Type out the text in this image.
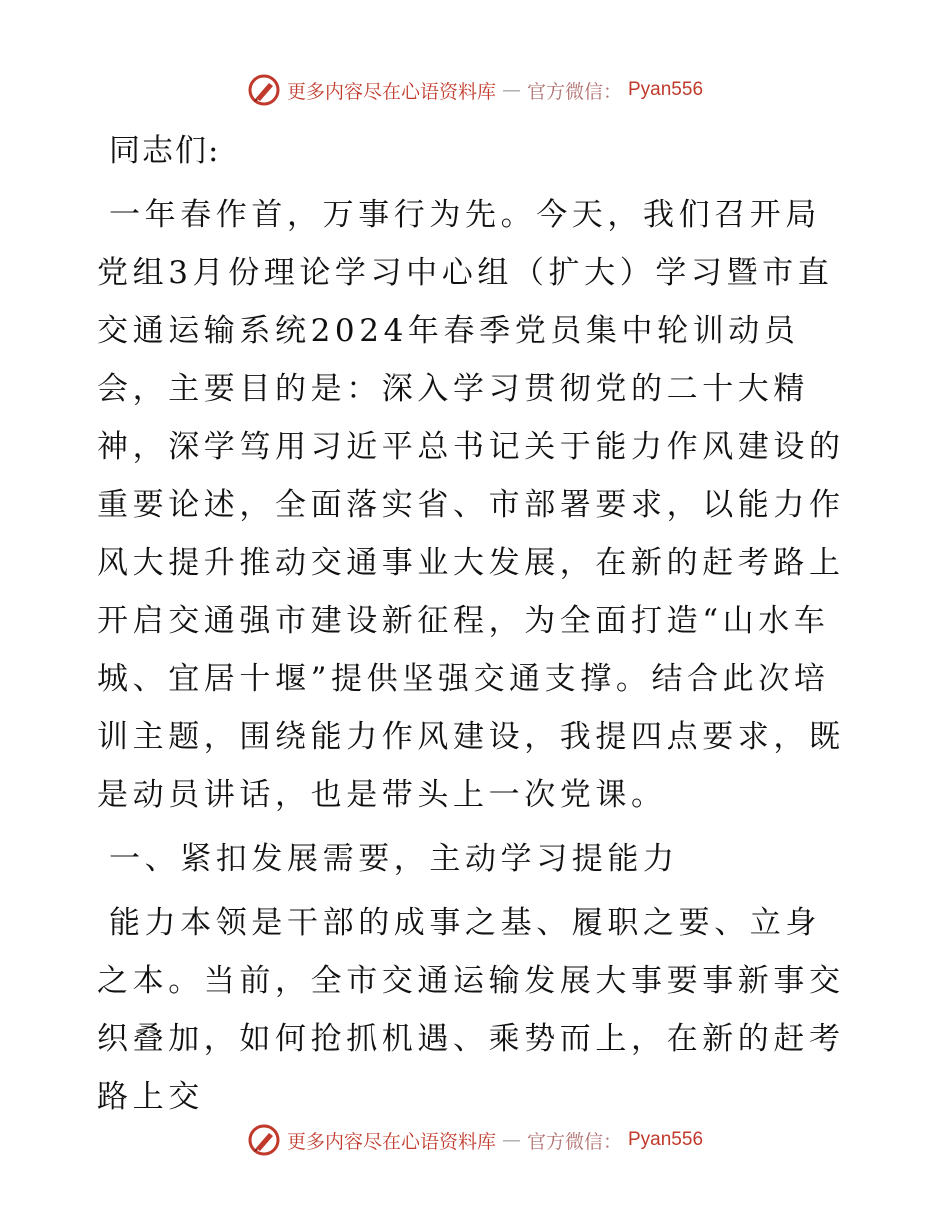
更多内容尽在心语资料库 — 官方微信： Pyan556

同志们:

一年春作首，万事行为先。今天，我们召开局党组3月份理论学习中心组（扩大）学习暨市直交通运输系统2024年春季党员集中轮训动员会，主要目的是：深入学习贯彻党的二十大精神，深学笃用习近平总书记关于能力作风建设的重要论述，全面落实省、市部署要求，以能力作风大提升推动交通事业大发展，在新的赶考路上开启交通强市建设新征程，为全面打造“山水车城、宜居十堰”提供坚强交通支撑。结合此次培训主题，围绕能力作风建设，我提四点要求，既是动员讲话，也是带头上一次党课。

一、紧扣发展需要，主动学习提能力

能力本领是干部的成事之基、履职之要、立身之本。当前，全市交通运输发展大事要事新事交织叠加，如何抢抓机遇、乘势而上，在新的赶考路上交

更多内容尽在心语资料库 — 官方微信： Pyan556
